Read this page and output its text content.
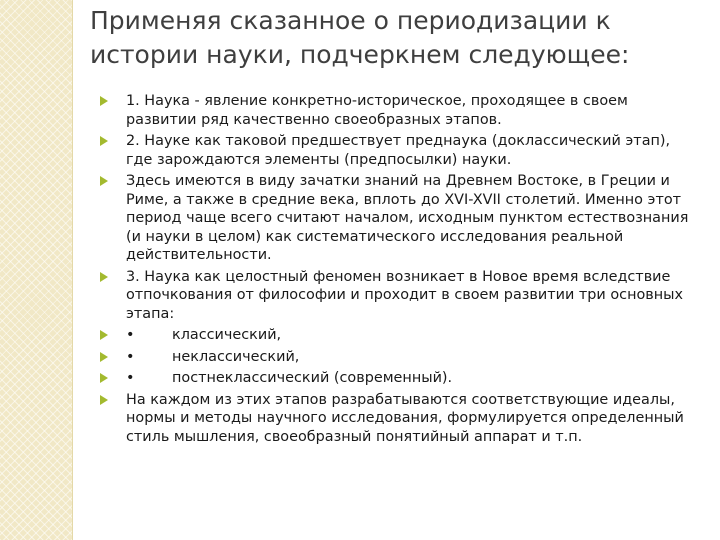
Применяя сказанное о периодизации к
истории науки, подчеркнем следующее:
1. Наука - явление конкретно-историческое, проходящее в своем развитии ряд качественно своеобразных этапов.
2. Науке как таковой предшествует преднаука (доклассический этап), где зарождаются элементы (предпосылки) науки.
Здесь имеются в виду зачатки знаний на Древнем Востоке, в Греции и Риме, а также в средние века, вплоть до XVI-XVII столетий. Именно этот период чаще всего считают началом, исходным пунктом естествознания (и науки в целом) как систематического исследования реальной действительности.
3. Наука как целостный феномен возникает в Новое время вследствие отпочкования от философии и проходит в своем развитии три основных этапа:
•	классический,
•	неклассический,
•	постнеклассический (современный).
На каждом из этих этапов разрабатываются соответствующие идеалы, нормы и методы научного исследования, формулируется определенный стиль мышления, своеобразный понятийный аппарат и т.п.
